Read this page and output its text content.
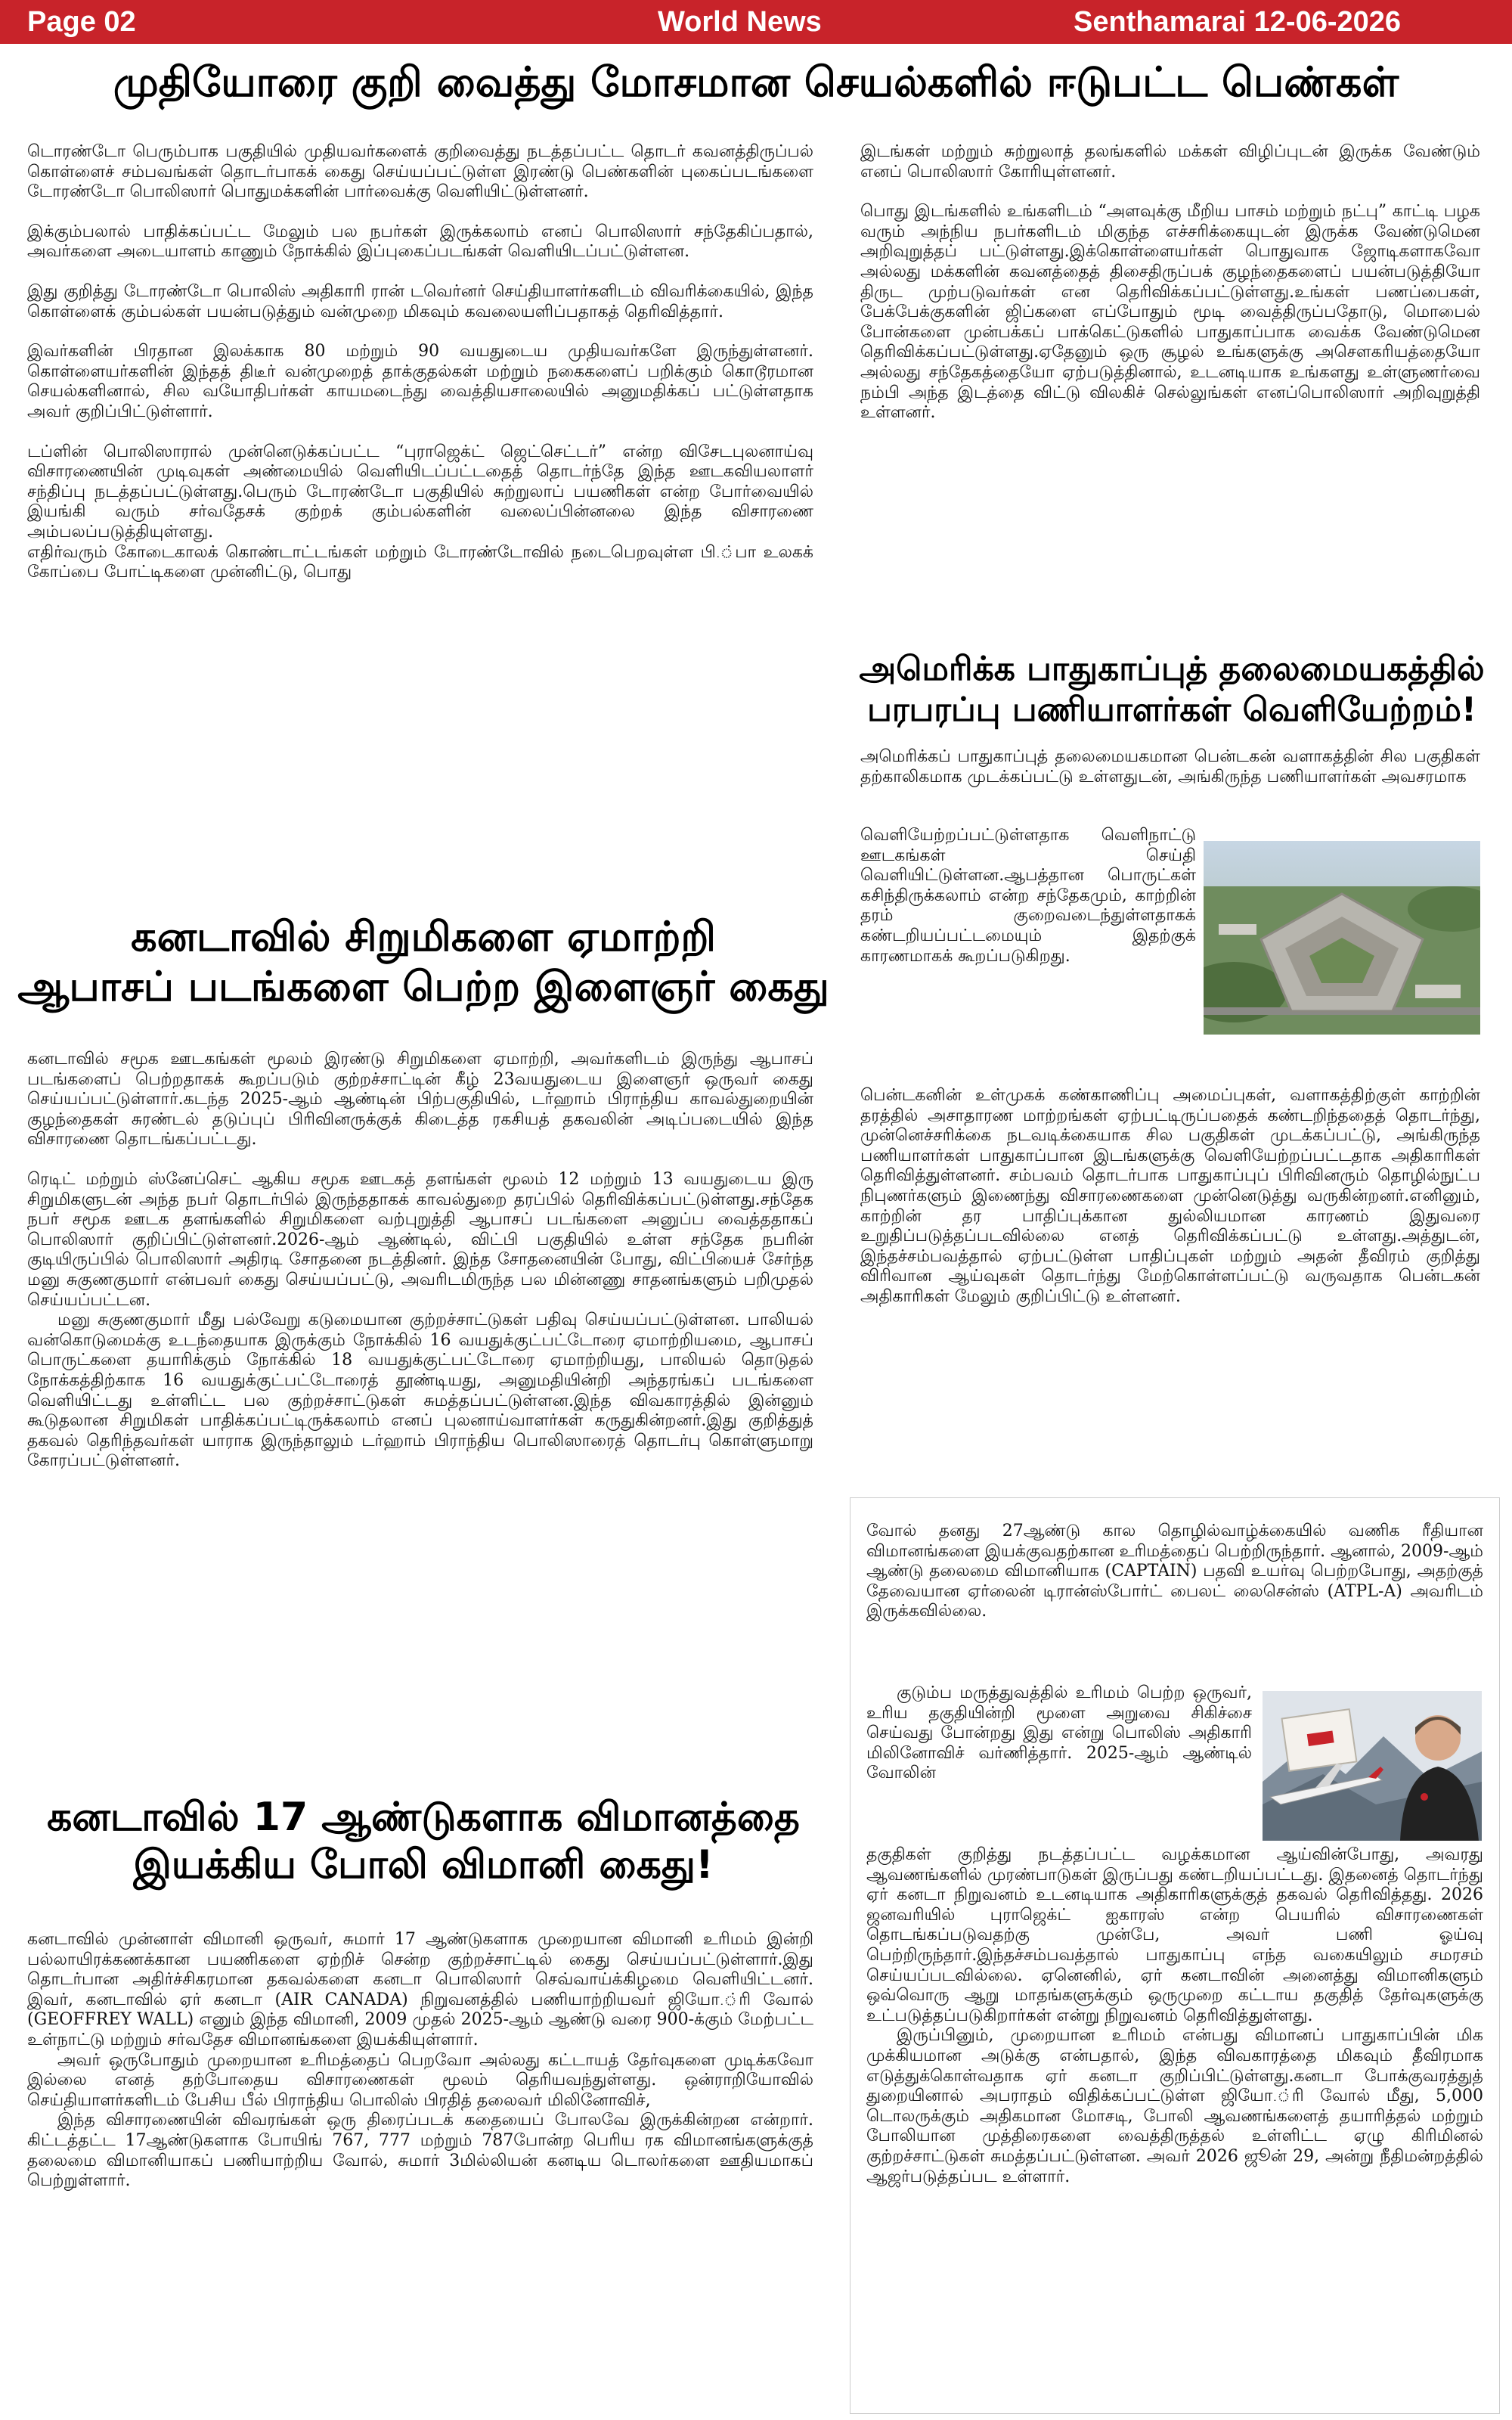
Page 02	World News	Senthamarai 12-06-2026
முதியோரை குறி வைத்து மோசமான செயல்களில் ஈடுபட்ட பெண்கள்

டொரண்டோ பெரும்பாக பகுதியில் முதியவர்களைக் குறிவைத்து நடத்தப்பட்ட தொடர் கவனத்திருப்பல் கொள்ளைச் சம்பவங்கள் தொடர்பாகக் கைது செய்யப்பட்டுள்ள இரண்டு பெண்களின் புகைப்படங்களை டோரண்டோ பொலிஸார் பொதுமக்களின் பார்வைக்கு வெளியிட்டுள்ளனர்.

இக்கும்பலால் பாதிக்கப்பட்ட மேலும் பல நபர்கள் இருக்கலாம் எனப் பொலிஸார் சந்தேகிப்பதால், அவர்களை அடையாளம் காணும் நோக்கில் இப்புகைப்படங்கள் வெளியிடப்பட்டுள்ளன.

இது குறித்து டோரண்டோ பொலிஸ் அதிகாரி ரான் டவெர்னர் செய்தியாளர்களிடம் விவரிக்கையில், இந்த கொள்ளைக் கும்பல்கள் பயன்படுத்தும் வன்முறை மிகவும் கவலையளிப்பதாகத் தெரிவித்தார்.

இவர்களின் பிரதான இலக்காக 80 மற்றும் 90 வயதுடைய முதியவர்களே இருந்துள்ளனர். கொள்ளையர்களின் இந்தத் திடீர் வன்முறைத் தாக்குதல்கள் மற்றும் நகைகளைப் பறிக்கும் கொடூரமான செயல்களினால், சில வயோதிபர்கள் காயமடைந்து வைத்தியசாலையில் அனுமதிக்கப் பட்டுள்ளதாக அவர் குறிப்பிட்டுள்ளார்.

டப்ளின் பொலிஸாரால் முன்னெடுக்கப்பட்ட “புராஜெக்ட் ஜெட்செட்டர்” என்ற விசேடபுலனாய்வு விசாரணையின் முடிவுகள் அண்மையில் வெளியிடப்பட்டதைத் தொடர்ந்தே இந்த ஊடகவியலாளர் சந்திப்பு நடத்தப்பட்டுள்ளது.பெரும் டோரண்டோ பகுதியில் சுற்றுலாப் பயணிகள் என்ற போர்வையில் இயங்கி வரும் சர்வதேசக் குற்றக் கும்பல்களின் வலைப்பின்னலை இந்த விசாரணை அம்பலப்படுத்தியுள்ளது.

எதிர்வரும் கோடைகாலக் கொண்டாட்டங்கள் மற்றும் டோரண்டோவில் நடைபெறவுள்ள பி.்பா உலகக் கோப்பை போட்டிகளை முன்னிட்டு, பொது

இடங்கள் மற்றும் சுற்றுலாத் தலங்களில் மக்கள் விழிப்புடன் இருக்க வேண்டும் எனப் பொலிஸார் கோரியுள்ளனர்.

பொது இடங்களில் உங்களிடம் “அளவுக்கு மீறிய பாசம் மற்றும் நட்பு” காட்டி பழக வரும் அந்நிய நபர்களிடம் மிகுந்த எச்சரிக்கையுடன் இருக்க வேண்டுமென அறிவுறுத்தப் பட்டுள்ளது.இக்கொள்ளையர்கள் பொதுவாக ஜோடிகளாகவோ அல்லது மக்களின் கவனத்தைத் திசைதிருப்பக் குழந்தைகளைப் பயன்படுத்தியோ திருட முற்படுவர்கள் என தெரிவிக்கப்பட்டுள்ளது.உங்கள் பணப்பைகள், பேக்பேக்குகளின் ஜிப்களை எப்போதும் மூடி வைத்திருப்பதோடு, மொபைல் போன்களை முன்பக்கப் பாக்கெட்டுகளில் பாதுகாப்பாக வைக்க வேண்டுமென தெரிவிக்கப்பட்டுள்ளது.ஏதேனும் ஒரு சூழல் உங்களுக்கு அசௌகரியத்தையோ அல்லது சந்தேகத்தையோ ஏற்படுத்தினால், உடனடியாக உங்களது உள்ளுணர்வை நம்பி அந்த இடத்தை விட்டு விலகிச் செல்லுங்கள் எனப்பொலிஸார் அறிவுறுத்தி உள்ளனர்.

அமெரிக்க பாதுகாப்புத் தலைமையகத்தில்
பரபரப்பு பணியாளர்கள் வெளியேற்றம்!

அமெரிக்கப் பாதுகாப்புத் தலைமையகமான பென்டகன் வளாகத்தின் சில பகுதிகள் தற்காலிகமாக முடக்கப்பட்டு உள்ளதுடன், அங்கிருந்த பணியாளர்கள் அவசரமாக

வெளியேற்றப்பட்டுள்ளதாக வெளிநாட்டு ஊடகங்கள் செய்தி வெளியிட்டுள்ளன.ஆபத்தான பொருட்கள் கசிந்திருக்கலாம் என்ற சந்தேகமும், காற்றின் தரம் குறைவடைந்துள்ளதாகக் கண்டறியப்பட்டமையும் இதற்குக் காரணமாகக் கூறப்படுகிறது.

பென்டகனின் உள்முகக் கண்காணிப்பு அமைப்புகள், வளாகத்திற்குள் காற்றின் தரத்தில் அசாதாரண மாற்றங்கள் ஏற்பட்டிருப்பதைக் கண்டறிந்ததைத் தொடர்ந்து, முன்னெச்சரிக்கை நடவடிக்கையாக சில பகுதிகள் முடக்கப்பட்டு, அங்கிருந்த பணியாளர்கள் பாதுகாப்பான இடங்களுக்கு வெளியேற்றப்பட்டதாக அதிகாரிகள் தெரிவித்துள்ளனர். சம்பவம் தொடர்பாக பாதுகாப்புப் பிரிவினரும் தொழில்நுட்ப நிபுணர்களும் இணைந்து விசாரணைகளை முன்னெடுத்து வருகின்றனர்.எனினும், காற்றின் தர பாதிப்புக்கான துல்லியமான காரணம் இதுவரை உறுதிப்படுத்தப்படவில்லை எனத் தெரிவிக்கப்பட்டு உள்ளது.அத்துடன், இந்தச்சம்பவத்தால் ஏற்பட்டுள்ள பாதிப்புகள் மற்றும் அதன் தீவிரம் குறித்து விரிவான ஆய்வுகள் தொடர்ந்து மேற்கொள்ளப்பட்டு வருவதாக பென்டகன் அதிகாரிகள் மேலும் குறிப்பிட்டு உள்ளனர்.

கனடாவில் சிறுமிகளை ஏமாற்றி
ஆபாசப் படங்களை பெற்ற இளைஞர் கைது

கனடாவில் சமூக ஊடகங்கள் மூலம் இரண்டு சிறுமிகளை ஏமாற்றி, அவர்களிடம் இருந்து ஆபாசப் படங்களைப் பெற்றதாகக் கூறப்படும் குற்றச்சாட்டின் கீழ் 23வயதுடைய இளைஞர் ஒருவர் கைது செய்யப்பட்டுள்ளார்.கடந்த 2025-ஆம் ஆண்டின் பிற்பகுதியில், டர்ஹாம் பிராந்திய காவல்துறையின் குழந்தைகள் சுரண்டல் தடுப்புப் பிரிவினருக்குக் கிடைத்த ரகசியத் தகவலின் அடிப்படையில் இந்த விசாரணை தொடங்கப்பட்டது.

ரெடிட் மற்றும் ஸ்னேப்செட் ஆகிய சமூக ஊடகத் தளங்கள் மூலம் 12 மற்றும் 13 வயதுடைய இரு சிறுமிகளுடன் அந்த நபர் தொடர்பில் இருந்ததாகக் காவல்துறை தரப்பில் தெரிவிக்கப்பட்டுள்ளது.சந்தேக நபர் சமூக ஊடக தளங்களில் சிறுமிகளை வற்புறுத்தி ஆபாசப் படங்களை அனுப்ப வைத்ததாகப் பொலிஸார் குறிப்பிட்டுள்ளனர்.2026-ஆம் ஆண்டில், விட்பி பகுதியில் உள்ள சந்தேக நபரின் குடியிருப்பில் பொலிஸார் அதிரடி சோதனை நடத்தினர். இந்த சோதனையின் போது, விட்பியைச் சேர்ந்த மனு சுகுணகுமார் என்பவர் கைது செய்யப்பட்டு, அவரிடமிருந்த பல மின்னணு சாதனங்களும் பறிமுதல் செய்யப்பட்டன.

மனு சுகுணகுமார் மீது பல்வேறு கடுமையான குற்றச்சாட்டுகள் பதிவு செய்யப்பட்டுள்ளன. பாலியல் வன்கொடுமைக்கு உடந்தையாக இருக்கும் நோக்கில் 16 வயதுக்குட்பட்டோரை ஏமாற்றியமை, ஆபாசப் பொருட்களை தயாரிக்கும் நோக்கில் 18 வயதுக்குட்பட்டோரை ஏமாற்றியது, பாலியல் தொடுதல் நோக்கத்திற்காக 16 வயதுக்குட்பட்டோரைத் தூண்டியது, அனுமதியின்றி அந்தரங்கப் படங்களை வெளியிட்டது உள்ளிட்ட பல குற்றச்சாட்டுகள் சுமத்தப்பட்டுள்ளன.இந்த விவகாரத்தில் இன்னும் கூடுதலான சிறுமிகள் பாதிக்கப்பட்டிருக்கலாம் எனப் புலனாய்வாளர்கள் கருதுகின்றனர்.இது குறித்துத் தகவல் தெரிந்தவர்கள் யாராக இருந்தாலும் டர்ஹாம் பிராந்திய பொலிஸாரைத் தொடர்பு கொள்ளுமாறு கோரப்பட்டுள்ளனர்.

கனடாவில் 17 ஆண்டுகளாக விமானத்தை
இயக்கிய போலி விமானி கைது!

கனடாவில் முன்னாள் விமானி ஒருவர், சுமார் 17 ஆண்டுகளாக முறையான விமானி உரிமம் இன்றி பல்லாயிரக்கணக்கான பயணிகளை ஏற்றிச் சென்ற குற்றச்சாட்டில் கைது செய்யப்பட்டுள்ளார்.இது தொடர்பான அதிர்ச்சிகரமான தகவல்களை கனடா பொலிஸார் செவ்வாய்க்கிழமை வெளியிட்டனர். இவர், கனடாவில் ஏர் கனடா (AIR CANADA) நிறுவனத்தில் பணியாற்றியவர் ஜியோ.்ரி வோல் (GEOFFREY WALL) எனும் இந்த விமானி, 2009 முதல் 2025-ஆம் ஆண்டு வரை 900-க்கும் மேற்பட்ட உள்நாட்டு மற்றும் சர்வதேச விமானங்களை இயக்கியுள்ளார்.

அவர் ஒருபோதும் முறையான உரிமத்தைப் பெறவோ அல்லது கட்டாயத் தேர்வுகளை முடிக்கவோ இல்லை எனத் தற்போதைய விசாரணைகள் மூலம் தெரியவந்துள்ளது. ஒன்ராறியோவில் செய்தியாளர்களிடம் பேசிய பீல் பிராந்திய பொலிஸ் பிரதித் தலைவர் மிலினோவிச்,

இந்த விசாரணையின் விவரங்கள் ஒரு திரைப்படக் கதையைப் போலவே இருக்கின்றன என்றார். கிட்டத்தட்ட 17ஆண்டுகளாக போயிங் 767, 777 மற்றும் 787போன்ற பெரிய ரக விமானங்களுக்குத் தலைமை விமானியாகப் பணியாற்றிய வோல், சுமார் 3மில்லியன் கனடிய டொலர்களை ஊதியமாகப் பெற்றுள்ளார்.

வோல் தனது 27ஆண்டு கால தொழில்வாழ்க்கையில் வணிக ரீதியான விமானங்களை இயக்குவதற்கான உரிமத்தைப் பெற்றிருந்தார். ஆனால், 2009-ஆம் ஆண்டு தலைமை விமானியாக (CAPTAIN) பதவி உயர்வு பெற்றபோது, அதற்குத் தேவையான ஏர்லைன் டிரான்ஸ்போர்ட் பைலட் லைசென்ஸ் (ATPL-A) அவரிடம் இருக்கவில்லை.

குடும்ப மருத்துவத்தில் உரிமம் பெற்ற ஒருவர், உரிய தகுதியின்றி மூளை அறுவை சிகிச்சை செய்வது போன்றது இது என்று பொலிஸ் அதிகாரி மிலினோவிச் வர்ணித்தார். 2025-ஆம் ஆண்டில் வோலின்

தகுதிகள் குறித்து நடத்தப்பட்ட வழக்கமான ஆய்வின்போது, அவரது ஆவணங்களில் முரண்பாடுகள் இருப்பது கண்டறியப்பட்டது. இதனைத் தொடர்ந்து ஏர் கனடா நிறுவனம் உடனடியாக அதிகாரிகளுக்குத் தகவல் தெரிவித்தது. 2026 ஜனவரியில் புராஜெக்ட் ஐகாரஸ் என்ற பெயரில் விசாரணைகள் தொடங்கப்படுவதற்கு முன்பே, அவர் பணி ஓய்வு பெற்றிருந்தார்.இந்தச்சம்பவத்தால் பாதுகாப்பு எந்த வகையிலும் சமரசம் செய்யப்படவில்லை. ஏனெனில், ஏர் கனடாவின் அனைத்து விமானிகளும் ஒவ்வொரு ஆறு மாதங்களுக்கும் ஒருமுறை கட்டாய தகுதித் தேர்வுகளுக்கு உட்படுத்தப்படுகிறார்கள் என்று நிறுவனம் தெரிவித்துள்ளது.

இருப்பினும், முறையான உரிமம் என்பது விமானப் பாதுகாப்பின் மிக முக்கியமான அடுக்கு என்பதால், இந்த விவகாரத்தை மிகவும் தீவிரமாக எடுத்துக்கொள்வதாக ஏர் கனடா குறிப்பிட்டுள்ளது.கனடா போக்குவரத்துத் துறையினால் அபராதம் விதிக்கப்பட்டுள்ள ஜியோ.்ரி வோல் மீது, 5,000 டொலருக்கும் அதிகமான மோசடி, போலி ஆவணங்களைத் தயாரித்தல் மற்றும் போலியான முத்திரைகளை வைத்திருத்தல் உள்ளிட்ட ஏழு கிரிமினல் குற்றச்சாட்டுகள் சுமத்தப்பட்டுள்ளன. அவர் 2026 ஜூன் 29, அன்று நீதிமன்றத்தில் ஆஜர்படுத்தப்பட உள்ளார்.
